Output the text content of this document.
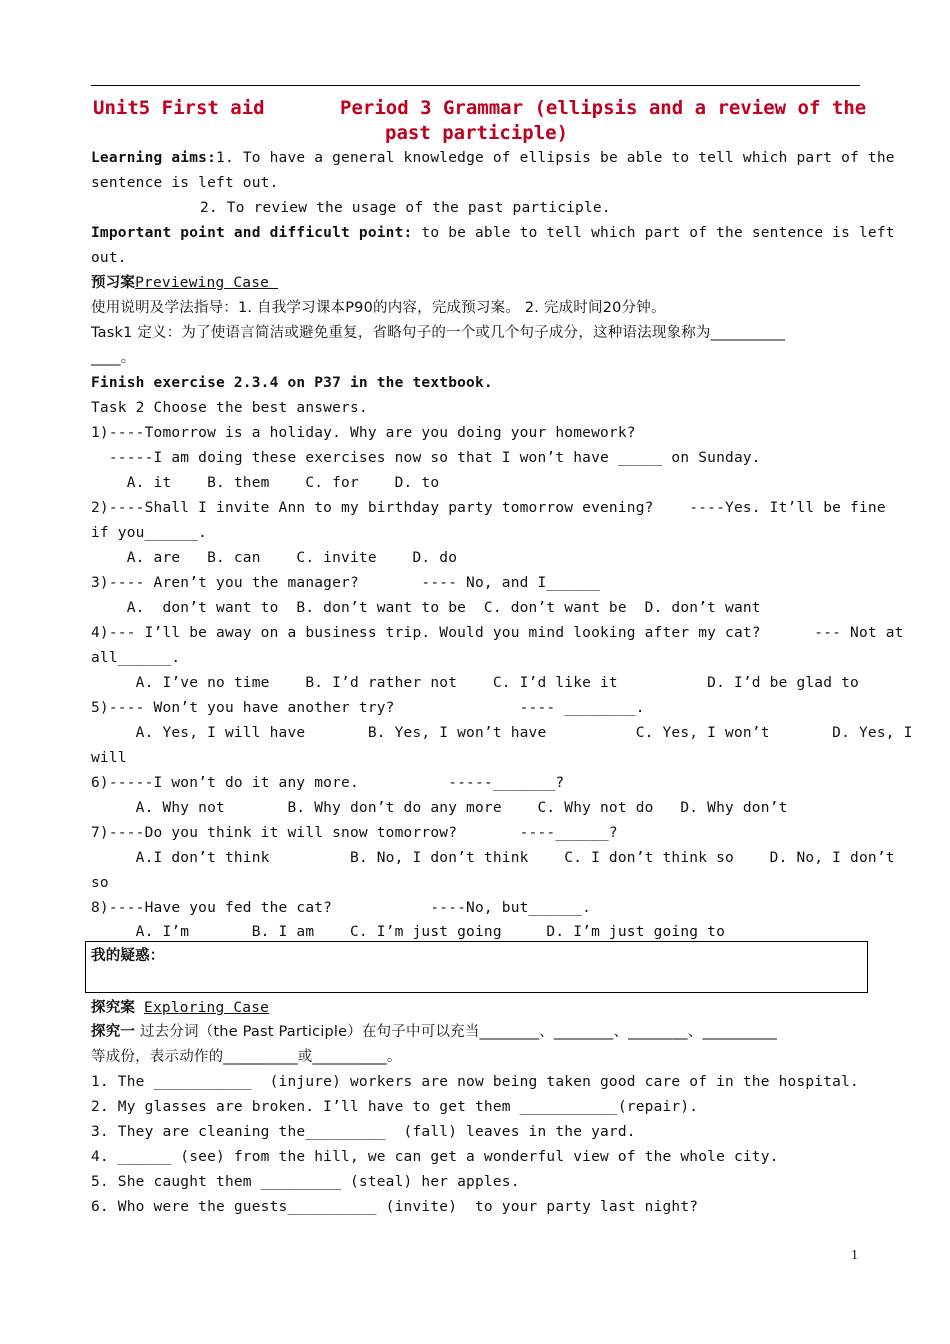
Unit5 First aid	Period 3 Grammar (ellipsis and a review of the
past participle)
Learning aims:1. To have a general knowledge of ellipsis be able to tell which part of the
sentence is left out.
2. To review the usage of the past participle.
Important point and difficult point: to be able to tell which part of the sentence is left
out.
预习案Previewing Case
使用说明及学法指导：1. 自我学习课本P90的内容，完成预习案。 2. 完成时间20分钟。
Task1 定义：为了使语言简洁或避免重复，省略句子的一个或几个句子成分，这种语法现象称为__________
____。
Finish exercise 2.3.4 on P37 in the textbook.
Task 2 Choose the best answers.
1)----Tomorrow is a holiday. Why are you doing your homework?
-----I am doing these exercises now so that I won’t have _____ on Sunday.
A. it    B. them    C. for    D. to
2)----Shall I invite Ann to my birthday party tomorrow evening?    ----Yes. It’ll be fine
if you______.
A. are   B. can    C. invite    D. do
3)---- Aren’t you the manager?       ---- No, and I______
A.  don’t want to  B. don’t want to be  C. don’t want be  D. don’t want
4)--- I’ll be away on a business trip. Would you mind looking after my cat?      --- Not at
all______.
A. I’ve no time    B. I’d rather not    C. I’d like it          D. I’d be glad to
5)---- Won’t you have another try?              ---- ________.
A. Yes, I will have       B. Yes, I won’t have          C. Yes, I won’t       D. Yes, I
will
6)-----I won’t do it any more.          -----_______?
A. Why not       B. Why don’t do any more    C. Why not do   D. Why don’t
7)----Do you think it will snow tomorrow?       ----______?
A.I don’t think         B. No, I don’t think    C. I don’t think so    D. No, I don’t
so
8)----Have you fed the cat?           ----No, but______.
A. I’m       B. I am    C. I’m just going     D. I’m just going to
我的疑惑：
探究案 Exploring Case
探究一 过去分词（the Past Participle）在句子中可以充当________、________、________、__________
等成份，表示动作的__________或__________。
1. The ___________  (injure) workers are now being taken good care of in the hospital.
2. My glasses are broken. I’ll have to get them ___________(repair).
3. They are cleaning the_________  (fall) leaves in the yard.
4. ______ (see) from the hill, we can get a wonderful view of the whole city.
5. She caught them _________ (steal) her apples.
6. Who were the guests__________ (invite)  to your party last night?
1
